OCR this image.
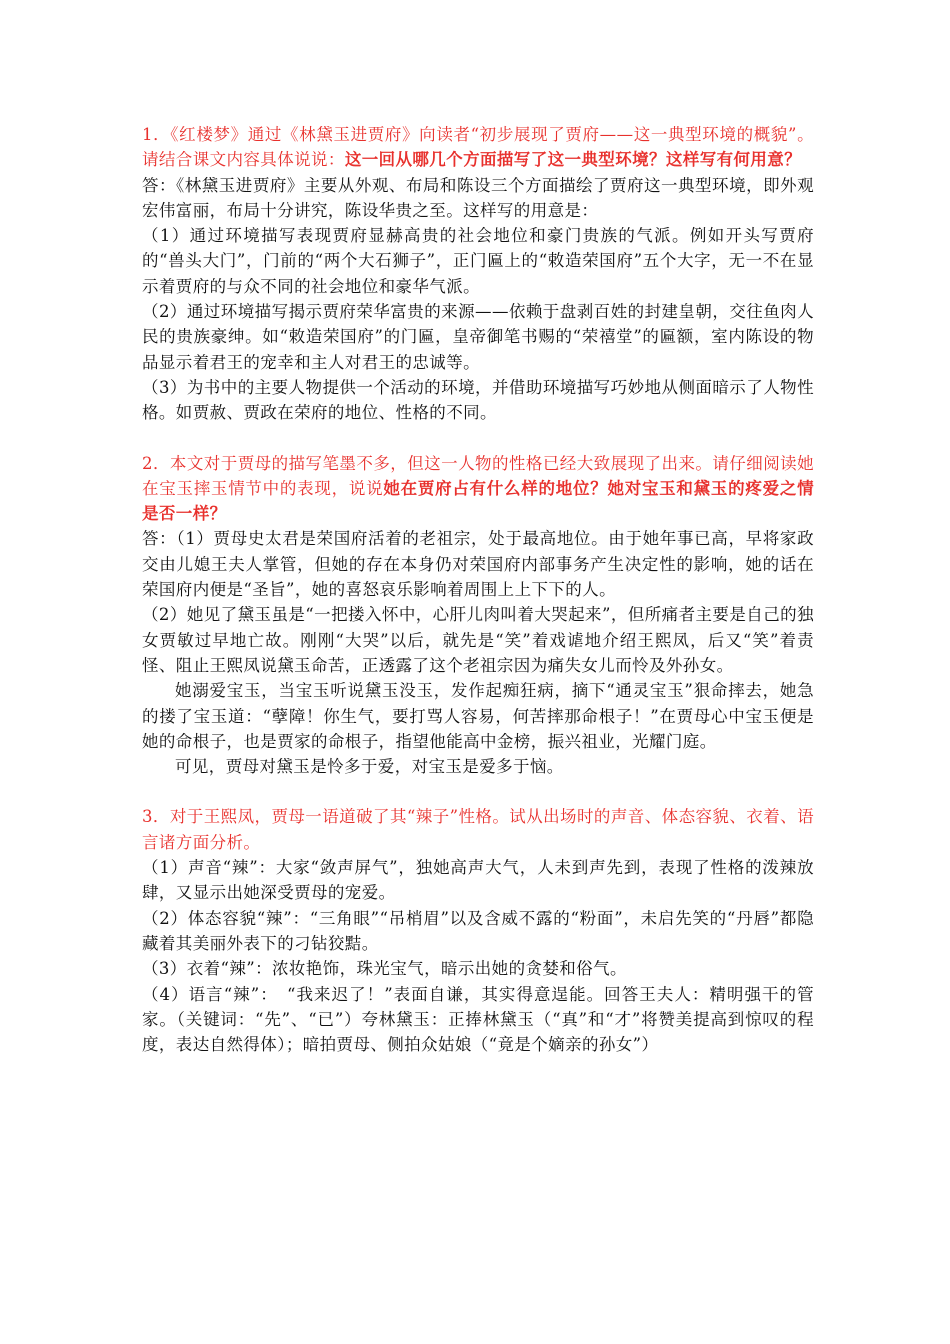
1．《红楼梦》通过《林黛玉进贾府》向读者“初步展现了贾府——这一典型环境的概貌”。请结合课文内容具体说说：这一回从哪几个方面描写了这一典型环境？这样写有何用意？

答：《林黛玉进贾府》主要从外观、布局和陈设三个方面描绘了贾府这一典型环境，即外观宏伟富丽，布局十分讲究，陈设华贵之至。这样写的用意是：

（1）通过环境描写表现贾府显赫高贵的社会地位和豪门贵族的气派。例如开头写贾府的“兽头大门”，门前的“两个大石狮子”，正门匾上的“敕造荣国府”五个大字，无一不在显示着贾府的与众不同的社会地位和豪华气派。

（2）通过环境描写揭示贾府荣华富贵的来源——依赖于盘剥百姓的封建皇朝，交往鱼肉人民的贵族豪绅。如“敕造荣国府”的门匾，皇帝御笔书赐的“荣禧堂”的匾额，室内陈设的物品显示着君王的宠幸和主人对君王的忠诚等。

（3）为书中的主要人物提供一个活动的环境，并借助环境描写巧妙地从侧面暗示了人物性格。如贾赦、贾政在荣府的地位、性格的不同。

2．本文对于贾母的描写笔墨不多，但这一人物的性格已经大致展现了出来。请仔细阅读她在宝玉摔玉情节中的表现，说说她在贾府占有什么样的地位？她对宝玉和黛玉的疼爱之情是否一样？

答：（1）贾母史太君是荣国府活着的老祖宗，处于最高地位。由于她年事已高，早将家政交由儿媳王夫人掌管，但她的存在本身仍对荣国府内部事务产生决定性的影响，她的话在荣国府内便是“圣旨”，她的喜怒哀乐影响着周围上上下下的人。

（2）她见了黛玉虽是“一把搂入怀中，心肝儿肉叫着大哭起来”，但所痛者主要是自己的独女贾敏过早地亡故。刚刚“大哭”以后，就先是“笑”着戏谑地介绍王熙凤，后又“笑”着责怪、阻止王熙凤说黛玉命苦，正透露了这个老祖宗因为痛失女儿而怜及外孙女。

她溺爱宝玉，当宝玉听说黛玉没玉，发作起痴狂病，摘下“通灵宝玉”狠命摔去，她急的搂了宝玉道：“孽障！你生气，要打骂人容易，何苦摔那命根子！”在贾母心中宝玉便是她的命根子，也是贾家的命根子，指望他能高中金榜，振兴祖业，光耀门庭。

可见，贾母对黛玉是怜多于爱，对宝玉是爱多于恼。

3．对于王熙凤，贾母一语道破了其“辣子”性格。试从出场时的声音、体态容貌、衣着、语言诸方面分析。

（1）声音“辣”：大家“敛声屏气”，独她高声大气，人未到声先到，表现了性格的泼辣放肆，又显示出她深受贾母的宠爱。

（2）体态容貌“辣”：“三角眼”“吊梢眉”以及含威不露的“粉面”，未启先笑的“丹唇”都隐藏着其美丽外表下的刁钻狡黠。

（3）衣着“辣”：浓妆艳饰，珠光宝气，暗示出她的贪婪和俗气。

（4）语言“辣”：　“我来迟了！”表面自谦，其实得意逞能。回答王夫人：精明强干的管家。（关键词：“先”、“已”）夸林黛玉：正捧林黛玉（“真”和“才”将赞美提高到惊叹的程度，表达自然得体）；暗拍贾母、侧拍众姑娘（“竟是个嫡亲的孙女”）
